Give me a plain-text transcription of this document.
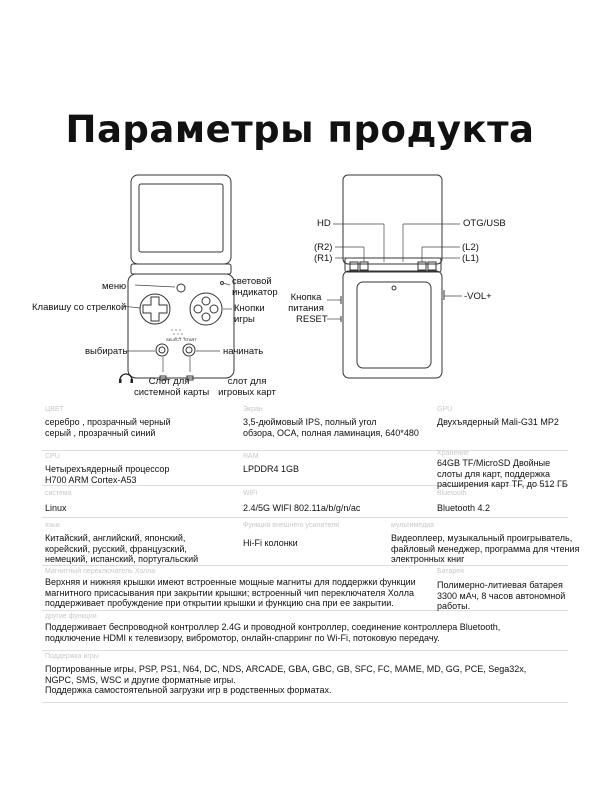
Параметры продукта
меню
Клавишу со стрелкой
выбирать
световой
индикатор
Кнопки
игры
начинать
Слот для
системной карты
слот для
игровых карт
SELECT START
HD	OTG/USB
(R2)
(R1)
(L2)
(L1)
-VOL+
Кнопка
питания
RESET
ЦВЕТ
серебро , прозрачный черный
серый , прозрачный синий
Экран
3,5-дюймовый IPS, полный угол
обзора, OCA, полная ламинация, 640*480
GPU
Двухъядерный Mali-G31 MP2
CPU
Четырехъядерный процессор
H700 ARM Cortex-A53
RAM
LPDDR4 1GB
Хранение
64GB TF/MicroSD Двойные
слоты для карт, поддержка
расширения карт TF, до 512 ГБ
система
Linux
WiFi
2.4/5G WIFI 802.11a/b/g/n/ac
Bluetooth
Bluetooth 4.2
язык
Китайский, английский, японский,
корейский, русский, французский,
немецкий, испанский, португальский
Функция внешнего усилителя
Hi-Fi колонки
мультимедиа
Видеоплеер, музыкальный проигрыватель,
файловый менеджер, программа для чтения
электронных книг
Магнитный переключатель Холла
Верхняя и нижняя крышки имеют встроенные мощные магниты для поддержки функции
магнитного присасывания при закрытии крышки; встроенный чип переключателя Холла
поддерживает пробуждение при открытии крышки и функцию сна при ее закрытии.
Батарея
Полимерно-литиевая батарея
3300 мАч, 8 часов автономной
работы.
другие функции
Поддерживает беспроводной контроллер 2.4G и проводной контроллер, соединение контроллера Bluetooth,
подключение HDMI к телевизору, вибромотор, онлайн-спарринг по Wi-Fi, потоковую передачу.
Поддержка игры
Портированные игры, PSP, PS1, N64, DC, NDS, ARCADE, GBA, GBC, GB, SFC, FC, MAME, MD, GG, PCE, Sega32x,
NGPC, SMS, WSC и другие форматные игры.
Поддержка самостоятельной загрузки игр в родственных форматах.
